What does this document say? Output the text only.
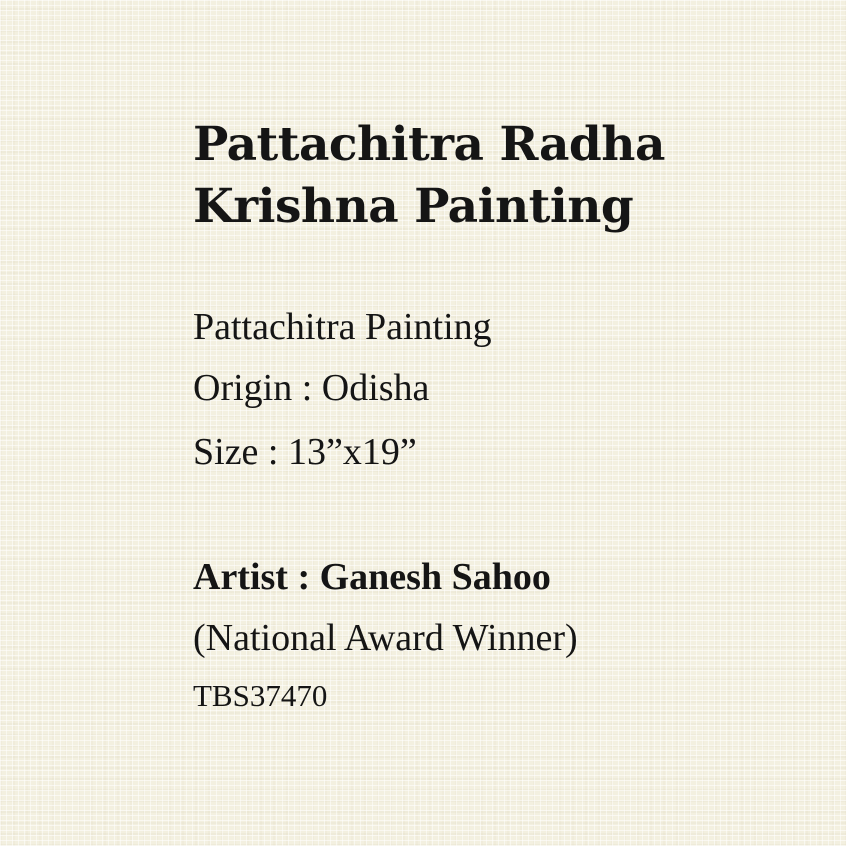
Pattachitra Radha Krishna Painting

Pattachitra Painting

Origin : Odisha

Size : 13”x19”

Artist : Ganesh Sahoo

(National Award Winner)

TBS37470
